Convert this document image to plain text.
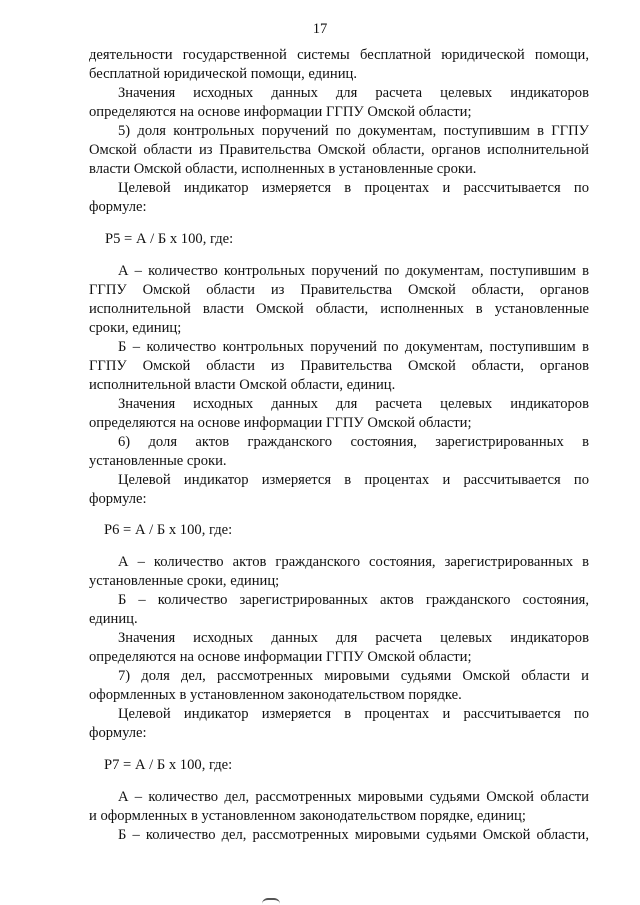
17
деятельности государственной системы бесплатной юридической помощи,
бесплатной юридической помощи, единиц.
Значения исходных данных для расчета целевых индикаторов
определяются на основе информации ГГПУ Омской области;
5) доля контрольных поручений по документам, поступившим в ГГПУ
Омской области из Правительства Омской области, органов исполнительной
власти Омской области, исполненных в установленные сроки.
Целевой индикатор измеряется в процентах и рассчитывается по
формуле:
Р5 = А / Б х 100, где:
А – количество контрольных поручений по документам, поступившим в
ГГПУ Омской области из Правительства Омской области, органов
исполнительной власти Омской области, исполненных в установленные
сроки, единиц;
Б – количество контрольных поручений по документам, поступившим в
ГГПУ Омской области из Правительства Омской области, органов
исполнительной власти Омской области, единиц.
Значения исходных данных для расчета целевых индикаторов
определяются на основе информации ГГПУ Омской области;
6) доля актов гражданского состояния, зарегистрированных в
установленные сроки.
Целевой индикатор измеряется в процентах и рассчитывается по
формуле:
Р6 = А / Б х 100, где:
А – количество актов гражданского состояния, зарегистрированных в
установленные сроки, единиц;
Б – количество зарегистрированных актов гражданского состояния,
единиц.
Значения исходных данных для расчета целевых индикаторов
определяются на основе информации ГГПУ Омской области;
7) доля дел, рассмотренных мировыми судьями Омской области и
оформленных в установленном законодательством порядке.
Целевой индикатор измеряется в процентах и рассчитывается по
формуле:
Р7 = А / Б х 100, где:
А – количество дел, рассмотренных мировыми судьями Омской области
и оформленных в установленном законодательством порядке, единиц;
Б – количество дел, рассмотренных мировыми судьями Омской области,
